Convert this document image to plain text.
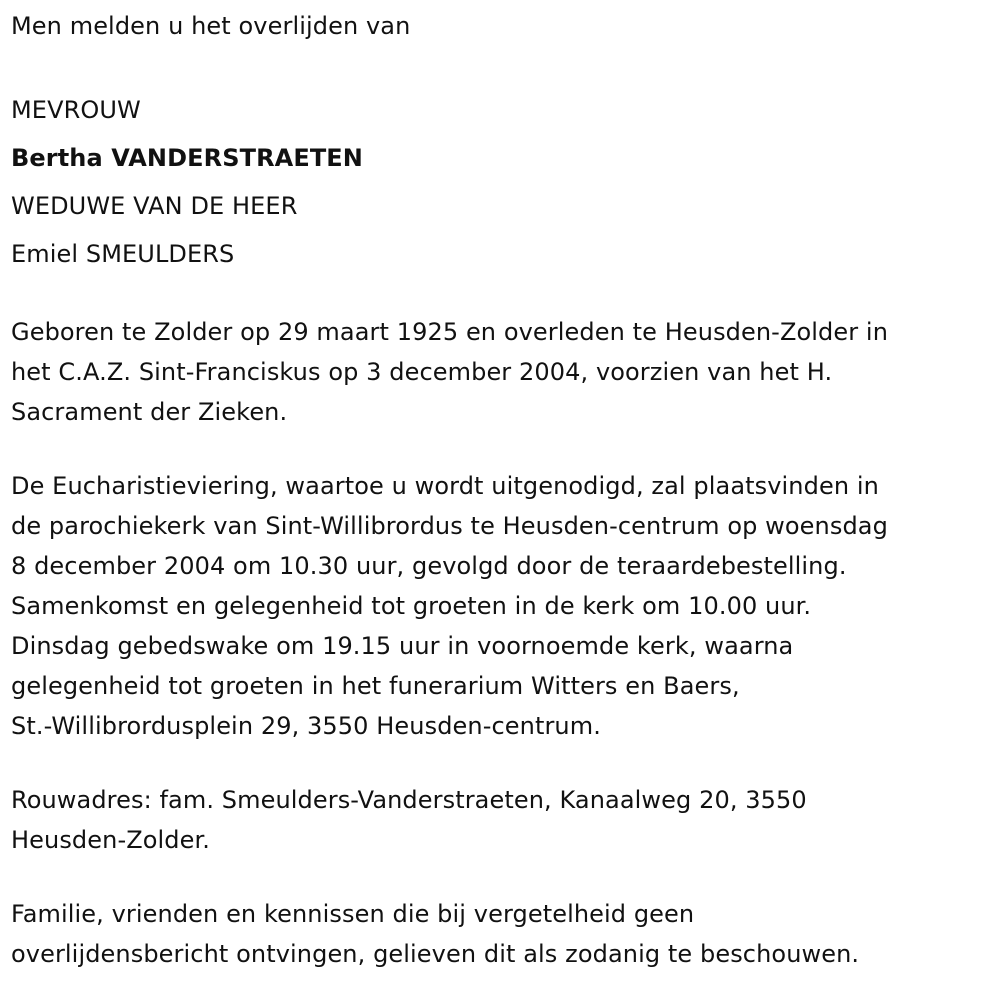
Men melden u het overlijden van
MEVROUW
Bertha VANDERSTRAETEN
WEDUWE VAN DE HEER
Emiel SMEULDERS
Geboren te Zolder op 29 maart 1925 en overleden te Heusden-Zolder in
het C.A.Z. Sint-Franciskus op 3 december 2004, voorzien van het H.
Sacrament der Zieken.
De Eucharistieviering, waartoe u wordt uitgenodigd, zal plaatsvinden in
de parochiekerk van Sint-Willibrordus te Heusden-centrum op woensdag
8 december 2004 om 10.30 uur, gevolgd door de teraardebestelling.
Samenkomst en gelegenheid tot groeten in de kerk om 10.00 uur.
Dinsdag gebedswake om 19.15 uur in voornoemde kerk, waarna
gelegenheid tot groeten in het funerarium Witters en Baers,
St.-Willibrordusplein 29, 3550 Heusden-centrum.
Rouwadres: fam. Smeulders-Vanderstraeten, Kanaalweg 20, 3550
Heusden-Zolder.
Familie, vrienden en kennissen die bij vergetelheid geen
overlijdensbericht ontvingen, gelieven dit als zodanig te beschouwen.
